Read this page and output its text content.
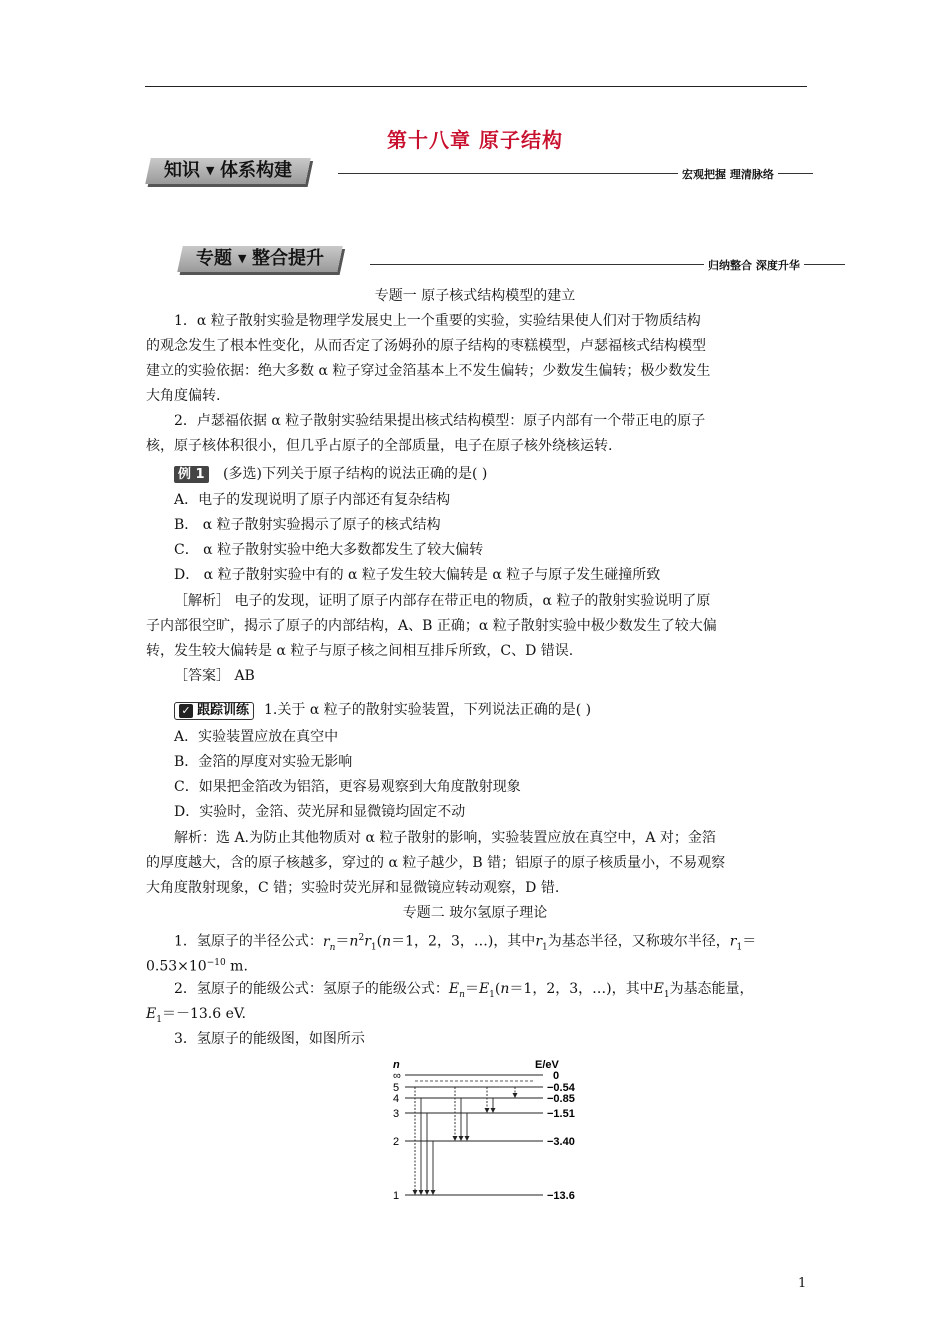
第十八章 原子结构
知识 ▼ 体系构建	宏观把握 理清脉络
专题 ▼ 整合提升	归纳整合 深度升华
专题一 原子核式结构模型的建立
1．α 粒子散射实验是物理学发展史上一个重要的实验，实验结果使人们对于物质结构
的观念发生了根本性变化，从而否定了汤姆孙的原子结构的枣糕模型，卢瑟福核式结构模型
建立的实验依据：绝大多数 α 粒子穿过金箔基本上不发生偏转；少数发生偏转；极少数发生
大角度偏转.
2．卢瑟福依据 α 粒子散射实验结果提出核式结构模型：原子内部有一个带正电的原子
核，原子核体积很小，但几乎占原子的全部质量，电子在原子核外绕核运转.
例 1 (多选)下列关于原子结构的说法正确的是( )
A．电子的发现说明了原子内部还有复杂结构
B． α 粒子散射实验揭示了原子的核式结构
C． α 粒子散射实验中绝大多数都发生了较大偏转
D． α 粒子散射实验中有的 α 粒子发生较大偏转是 α 粒子与原子发生碰撞所致
［解析］ 电子的发现，证明了原子内部存在带正电的物质，α 粒子的散射实验说明了原
子内部很空旷，揭示了原子的内部结构，A、B 正确；α 粒子散射实验中极少数发生了较大偏
转，发生较大偏转是 α 粒子与原子核之间相互排斥所致，C、D 错误.
［答案］ AB
✓ 跟踪训练 1.关于 α 粒子的散射实验装置，下列说法正确的是( )
A．实验装置应放在真空中
B．金箔的厚度对实验无影响
C．如果把金箔改为铝箔，更容易观察到大角度散射现象
D．实验时，金箔、荧光屏和显微镜均固定不动
解析：选 A.为防止其他物质对 α 粒子散射的影响，实验装置应放在真空中，A 对；金箔
的厚度越大，含的原子核越多，穿过的 α 粒子越少，B 错；铝原子的原子核质量小，不易观察
大角度散射现象，C 错；实验时荧光屏和显微镜应转动观察，D 错.
专题二 玻尔氢原子理论
1．氢原子的半径公式：$r_n=n^2r_1(n=1$，2，3，…)，其中$r_1$为基态半径，又称玻尔半径，$r_1=$
$0.53\times 10^{-10}$ m.
2．氢原子的能级公式：氢原子的能级公式：$E_n=E_1(n=1$，2，3，…)，其中$E_1$为基态能量，
$E_1=-13.6$ eV.
3．氢原子的能级图，如图所示
n	E/eV
∞	0
5	−0.54
4	−0.85
3	−1.51
2	−3.40
1	−13.6
1
